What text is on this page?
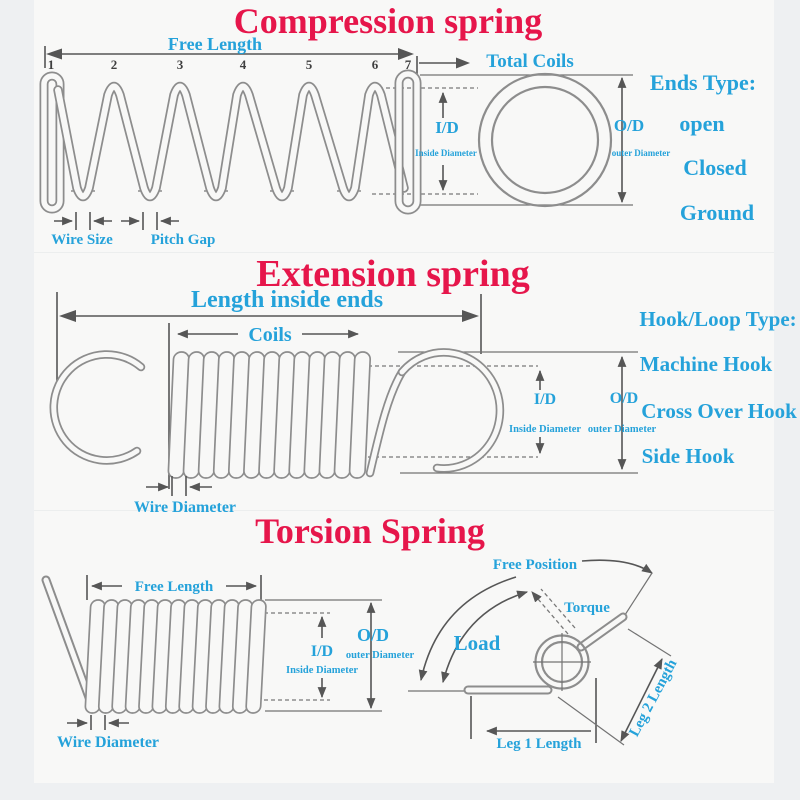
Compression spring
Free Length
1	2	3	4	5	6 7
Wire Size	Pitch Gap
Total Coils
I/D
Inside Diameter
O/D
outer Diameter
Ends Type:
open
Closed
Ground
Extension spring
Length inside ends
Coils
I/D
Inside Diameter
O/D
outer Diameter
Hook/Loop Type:
Machine Hook
Cross Over Hook
Side Hook
Wire Diameter
Torsion Spring
Free Length
I/D
Inside Diameter
O/D
outer Diameter
Wire Diameter
Free Position
Torque
Load
Leg 1 Length
Leg 2 Length
